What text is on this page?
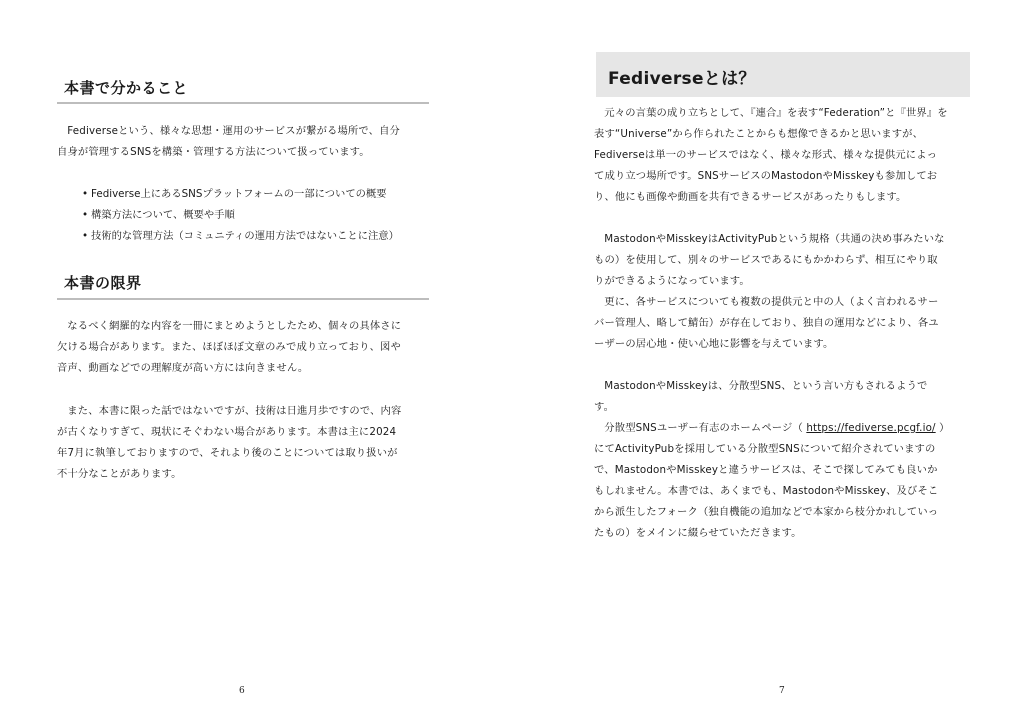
本書で分かること
Fediverseという、様々な思想・運用のサービスが繋がる場所で、自分
自身が管理するSNSを構築・管理する方法について扱っています。
• Fediverse上にあるSNSプラットフォームの一部についての概要
• 構築方法について、概要や手順
• 技術的な管理方法（コミュニティの運用方法ではないことに注意）
本書の限界
なるべく網羅的な内容を一冊にまとめようとしたため、個々の具体さに
欠ける場合があります。また、ほぼほぼ文章のみで成り立っており、図や
音声、動画などでの理解度が高い方には向きません。
また、本書に限った話ではないですが、技術は日進月歩ですので、内容
が古くなりすぎて、現状にそぐわない場合があります。本書は主に2024
年7月に執筆しておりますので、それより後のことについては取り扱いが
不十分なことがあります。
6
Fediverseとは？
元々の言葉の成り立ちとして、『連合』を表す“Federation”と『世界』を
表す“Universe”から作られたことからも想像できるかと思いますが、
Fediverseは単一のサービスではなく、様々な形式、様々な提供元によっ
て成り立つ場所です。SNSサービスのMastodonやMisskeyも参加してお
り、他にも画像や動画を共有できるサービスがあったりもします。
MastodonやMisskeyはActivityPubという規格（共通の決め事みたいな
もの）を使用して、別々のサービスであるにもかかわらず、相互にやり取
りができるようになっています。
更に、各サービスについても複数の提供元と中の人（よく言われるサー
バー管理人、略して鯖缶）が存在しており、独自の運用などにより、各ユ
ーザーの居心地・使い心地に影響を与えています。
MastodonやMisskeyは、分散型SNS、という言い方もされるようで
す。
分散型SNSユーザー有志のホームページ（ https://fediverse.pcgf.io/ ）
にてActivityPubを採用している分散型SNSについて紹介されていますの
で、MastodonやMisskeyと違うサービスは、そこで探してみても良いか
もしれません。本書では、あくまでも、MastodonやMisskey、及びそこ
から派生したフォーク（独自機能の追加などで本家から枝分かれしていっ
たもの）をメインに綴らせていただきます。
7
